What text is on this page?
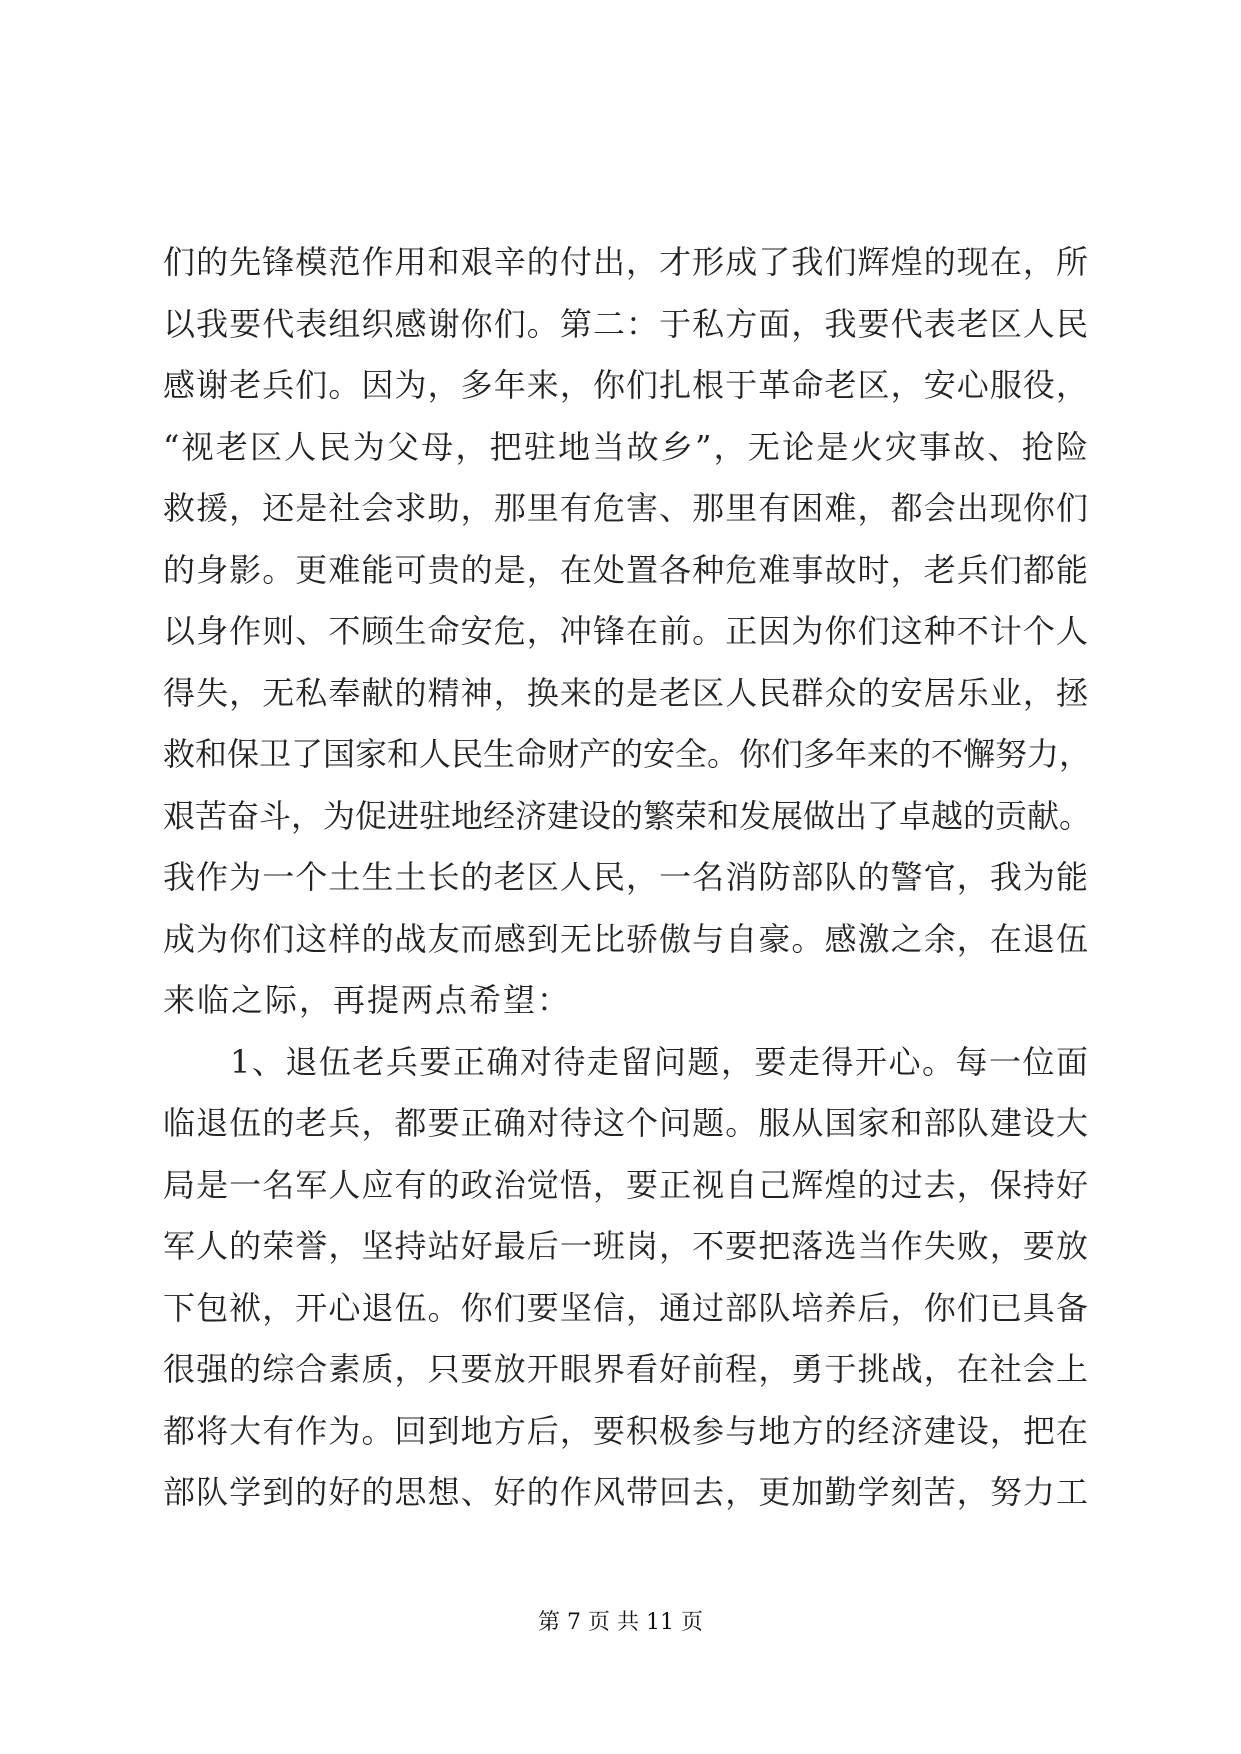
们的先锋模范作用和艰辛的付出，才形成了我们辉煌的现在，所
以我要代表组织感谢你们。第二：于私方面，我要代表老区人民
感谢老兵们。因为，多年来，你们扎根于革命老区，安心服役，
“视老区人民为父母，把驻地当故乡”，无论是火灾事故、抢险
救援，还是社会求助，那里有危害、那里有困难，都会出现你们
的身影。更难能可贵的是，在处置各种危难事故时，老兵们都能
以身作则、不顾生命安危，冲锋在前。正因为你们这种不计个人
得失，无私奉献的精神，换来的是老区人民群众的安居乐业，拯
救和保卫了国家和人民生命财产的安全。你们多年来的不懈努力，
艰苦奋斗，为促进驻地经济建设的繁荣和发展做出了卓越的贡献。
我作为一个土生土长的老区人民，一名消防部队的警官，我为能
成为你们这样的战友而感到无比骄傲与自豪。感激之余，在退伍
来临之际，再提两点希望：
　　1、退伍老兵要正确对待走留问题，要走得开心。每一位面
临退伍的老兵，都要正确对待这个问题。服从国家和部队建设大
局是一名军人应有的政治觉悟，要正视自己辉煌的过去，保持好
军人的荣誉，坚持站好最后一班岗，不要把落选当作失败，要放
下包袱，开心退伍。你们要坚信，通过部队培养后，你们已具备
很强的综合素质，只要放开眼界看好前程，勇于挑战，在社会上
都将大有作为。回到地方后，要积极参与地方的经济建设，把在
部队学到的好的思想、好的作风带回去，更加勤学刻苦，努力工
第 7 页 共 11 页
